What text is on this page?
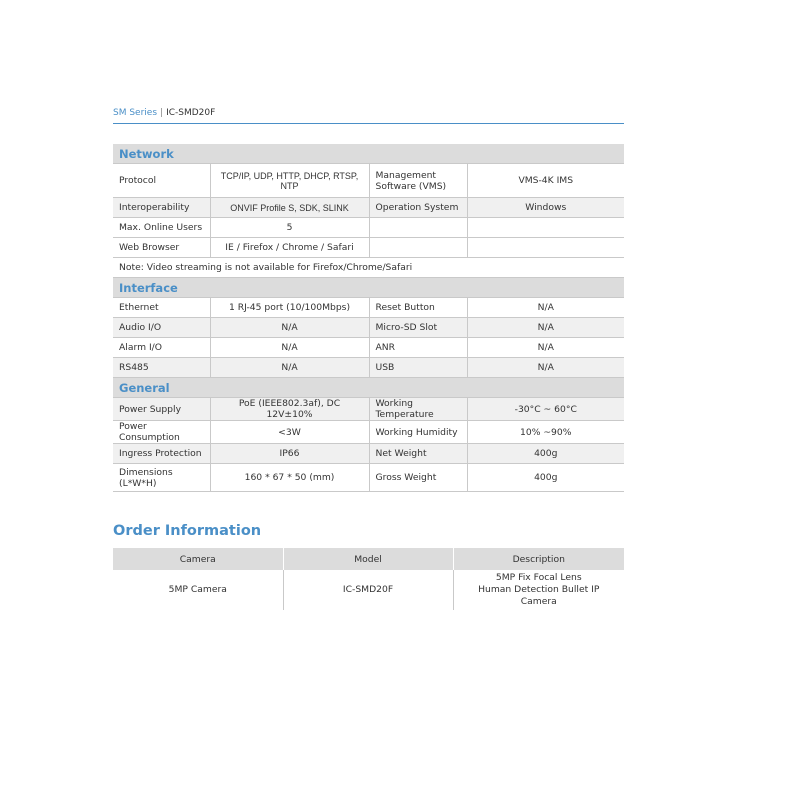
SM Series | IC-SMD20F
Network			
Protocol	TCP/IP, UDP, HTTP, DHCP, RTSP, NTP	Management Software (VMS)	VMS-4K IMS
Interoperability	ONVIF Profile S, SDK, SLINK	Operation System	Windows
Max. Online Users	5		
Web Browser	IE / Firefox / Chrome / Safari		
Note: Video streaming is not available for Firefox/Chrome/Safari			
Interface			
Ethernet	1 RJ-45 port (10/100Mbps)	Reset Button	N/A
Audio I/O	N/A	Micro-SD Slot	N/A
Alarm I/O	N/A	ANR	N/A
RS485	N/A	USB	N/A
General			
Power Supply	PoE (IEEE802.3af), DC 12V±10%	Working Temperature	-30°C ~ 60°C
Power Consumption	<3W	Working Humidity	10% ~90%
Ingress Protection	IP66	Net Weight	400g
Dimensions (L*W*H)	160 * 67 * 50 (mm)	Gross Weight	400g
Order Information
Camera	Model	Description
5MP Camera	IC-SMD20F	5MP Fix Focal Lens
Human Detection Bullet IP
Camera
